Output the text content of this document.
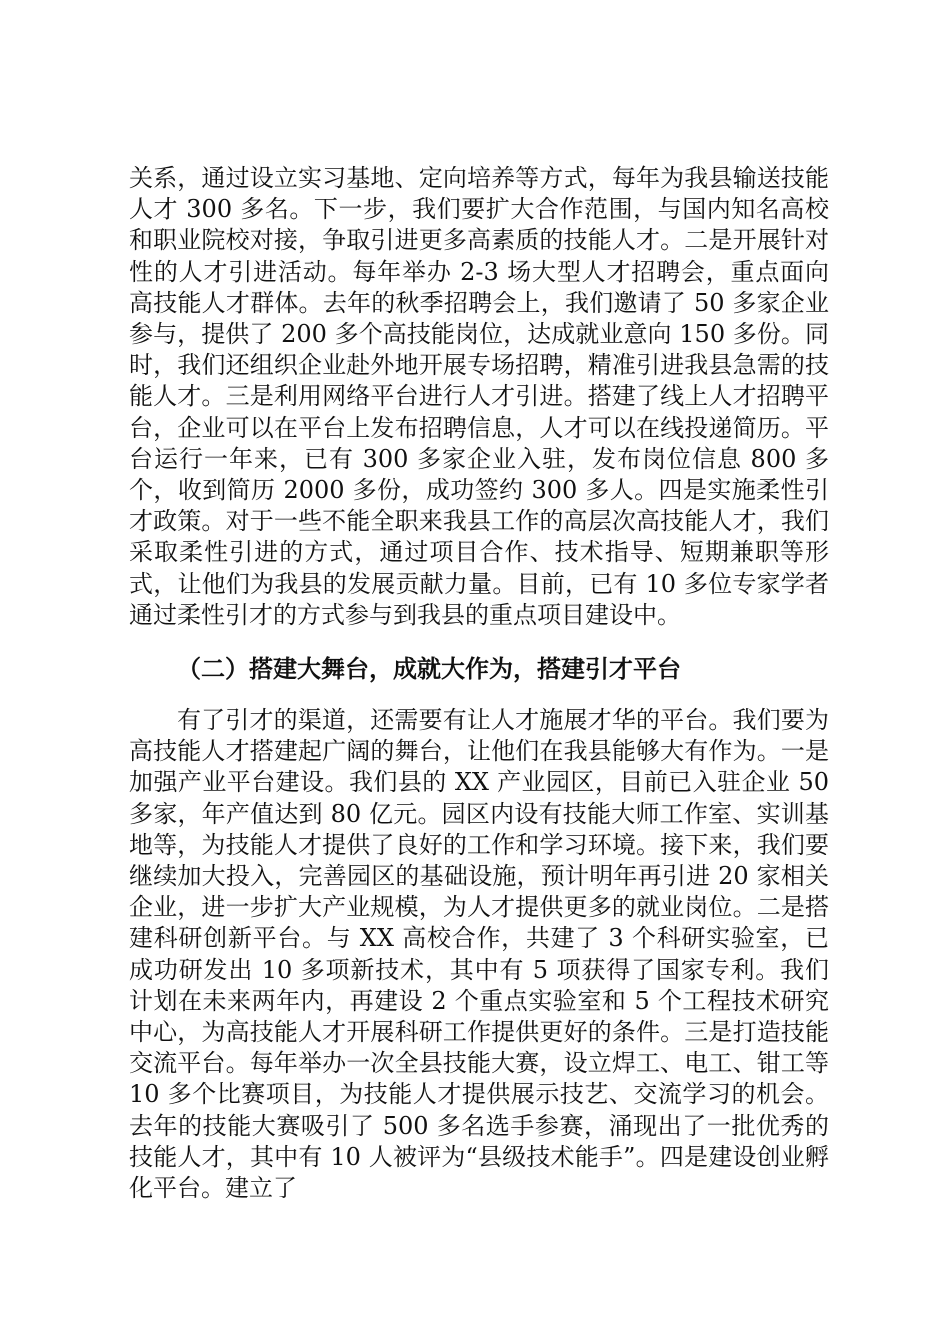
关系，通过设立实习基地、定向培养等方式，每年为我县输送技能人才 300 多名。下一步，我们要扩大合作范围，与国内知名高校和职业院校对接，争取引进更多高素质的技能人才。二是开展针对性的人才引进活动。每年举办 2-3 场大型人才招聘会，重点面向高技能人才群体。去年的秋季招聘会上，我们邀请了 50 多家企业参与，提供了 200 多个高技能岗位，达成就业意向 150 多份。同时，我们还组织企业赴外地开展专场招聘，精准引进我县急需的技能人才。三是利用网络平台进行人才引进。搭建了线上人才招聘平台，企业可以在平台上发布招聘信息，人才可以在线投递简历。平台运行一年来，已有 300 多家企业入驻，发布岗位信息 800 多个，收到简历 2000 多份，成功签约 300 多人。四是实施柔性引才政策。对于一些不能全职来我县工作的高层次高技能人才，我们采取柔性引进的方式，通过项目合作、技术指导、短期兼职等形式，让他们为我县的发展贡献力量。目前，已有 10 多位专家学者通过柔性引才的方式参与到我县的重点项目建设中。

（二）搭建大舞台，成就大作为，搭建引才平台

有了引才的渠道，还需要有让人才施展才华的平台。我们要为高技能人才搭建起广阔的舞台，让他们在我县能够大有作为。一是加强产业平台建设。我们县的 XX 产业园区，目前已入驻企业 50 多家，年产值达到 80 亿元。园区内设有技能大师工作室、实训基地等，为技能人才提供了良好的工作和学习环境。接下来，我们要继续加大投入，完善园区的基础设施，预计明年再引进 20 家相关企业，进一步扩大产业规模，为人才提供更多的就业岗位。二是搭建科研创新平台。与 XX 高校合作，共建了 3 个科研实验室，已成功研发出 10 多项新技术，其中有 5 项获得了国家专利。我们计划在未来两年内，再建设 2 个重点实验室和 5 个工程技术研究中心，为高技能人才开展科研工作提供更好的条件。三是打造技能交流平台。每年举办一次全县技能大赛，设立焊工、电工、钳工等 10 多个比赛项目，为技能人才提供展示技艺、交流学习的机会。去年的技能大赛吸引了 500 多名选手参赛，涌现出了一批优秀的技能人才，其中有 10 人被评为“县级技术能手”。四是建设创业孵化平台。建立了
